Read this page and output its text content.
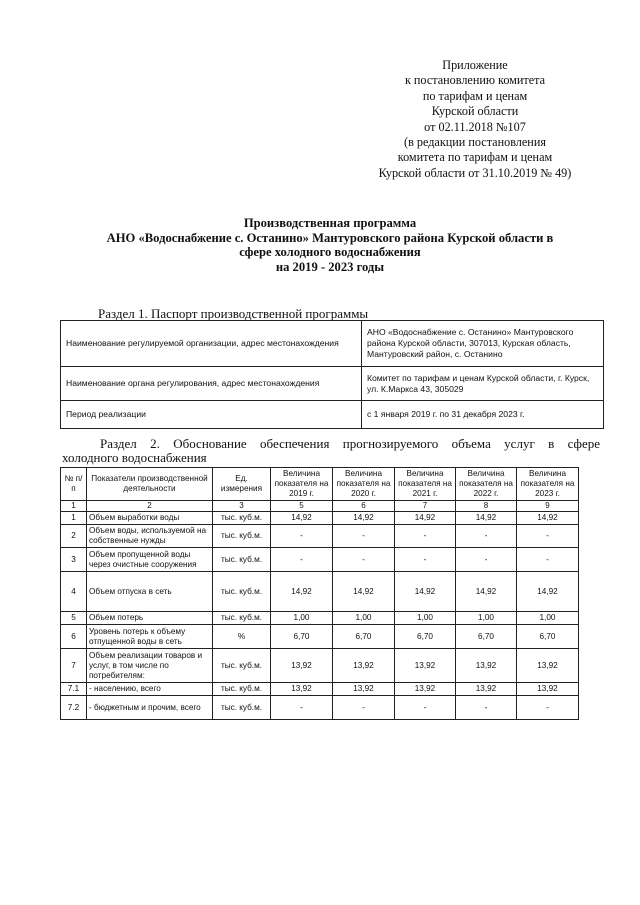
Приложение
к постановлению комитета
по тарифам и ценам
Курской области
от 02.11.2018 №107
(в редакции постановления
комитета по тарифам и ценам
Курской области от 31.10.2019 № 49)
Производственная программа
АНО «Водоснабжение с. Останино» Мантуровского района Курской области в
сфере холодного водоснабжения
на 2019 - 2023 годы
Раздел 1. Паспорт производственной программы
Наименование регулируемой организации, адрес местонахождения	АНО «Водоснабжение с. Останино» Мантуровского района Курской области, 307013, Курская область, Мантуровский район, с. Останино
Наименование органа регулирования, адрес местонахождения	Комитет по тарифам и ценам Курской области, г. Курск, ул. К.Маркса 43, 305029
Период реализации	с 1 января 2019 г. по 31 декабря 2023 г.
Раздел 2. Обоснование обеспечения прогнозируемого объема услуг в сфере
холодного водоснабжения
№ п/п	Показатели производственной деятельности	Ед. измерения	Величина показателя на 2019 г.	Величина показателя на 2020 г.	Величина показателя на 2021 г.	Величина показателя на 2022 г.	Величина показателя на 2023 г.
1	2	3	5	6	7	8	9
1	Объем выработки воды	тыс. куб.м.	14,92	14,92	14,92	14,92	14,92
2	Объем воды, используемой на собственные нужды	тыс. куб.м.	-	-	-	-	-
3	Объем пропущенной воды через очистные сооружения	тыс. куб.м.	-	-	-	-	-
4	Объем отпуска в сеть	тыс. куб.м.	14,92	14,92	14,92	14,92	14,92
5	Объем потерь	тыс. куб.м.	1,00	1,00	1,00	1,00	1,00
6	Уровень потерь к объему отпущенной воды в сеть	%	6,70	6,70	6,70	6,70	6,70
7	Объем реализации товаров и услуг, в том числе по потребителям:	тыс. куб.м.	13,92	13,92	13,92	13,92	13,92
7.1	- населению, всего	тыс. куб.м.	13,92	13,92	13,92	13,92	13,92
7.2	- бюджетным и прочим, всего	тыс. куб.м.	-	-	-	-	-
